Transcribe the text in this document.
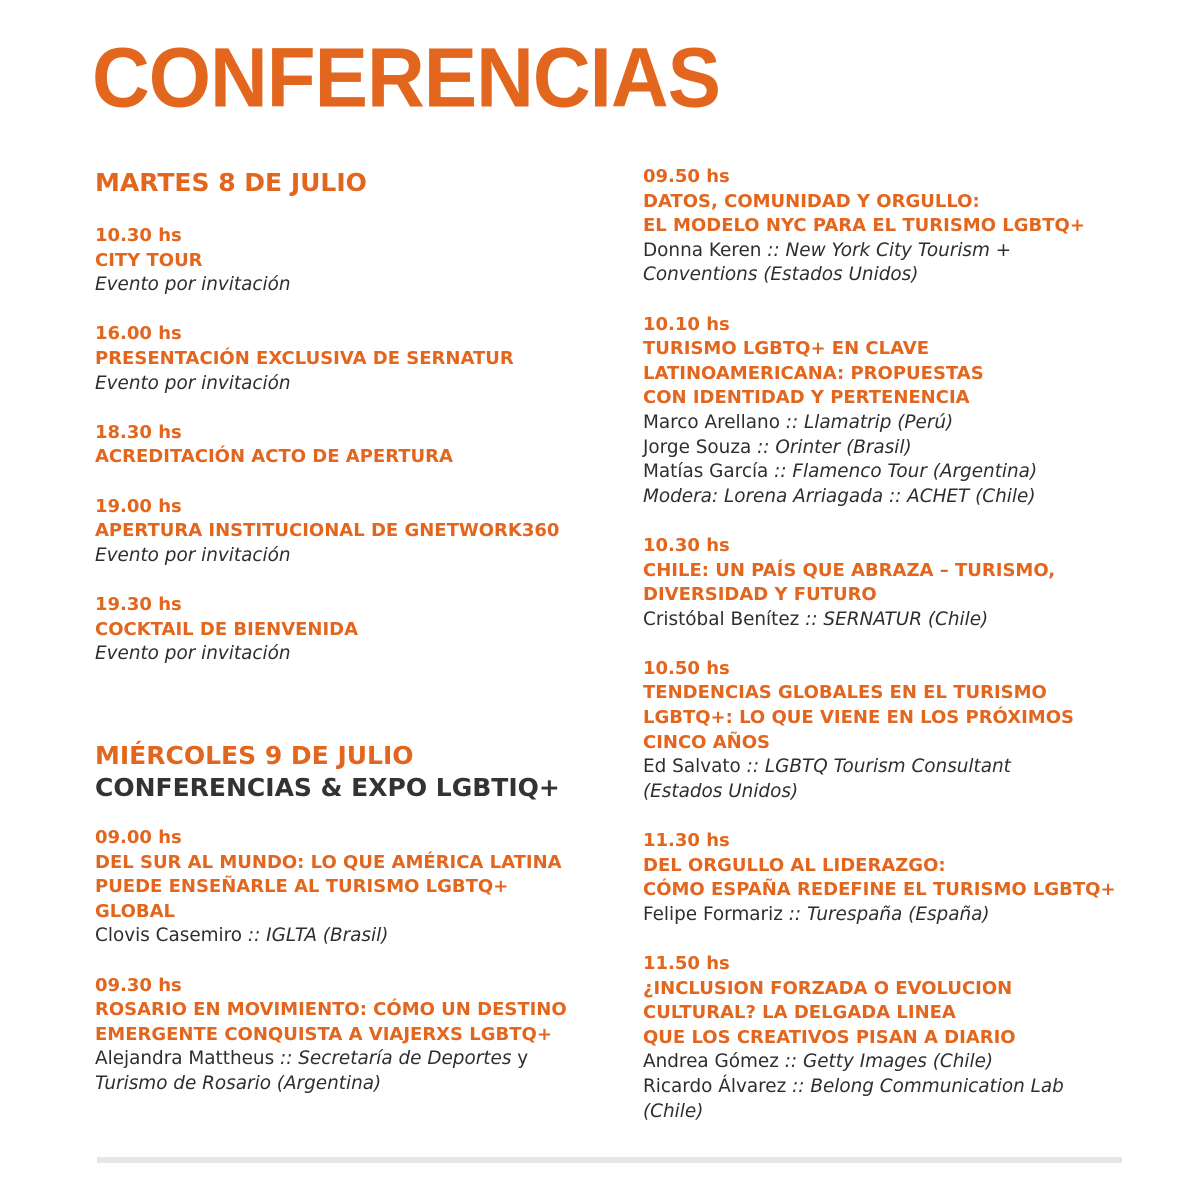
CONFERENCIAS
MARTES 8 DE JULIO
10.30 hs
CITY TOUR
Evento por invitación
16.00 hs
PRESENTACIÓN EXCLUSIVA DE SERNATUR
Evento por invitación
18.30 hs
ACREDITACIÓN ACTO DE APERTURA
19.00 hs
APERTURA INSTITUCIONAL DE GNETWORK360
Evento por invitación
19.30 hs
COCKTAIL DE BIENVENIDA
Evento por invitación
MIÉRCOLES 9 DE JULIO
CONFERENCIAS & EXPO LGBTIQ+
09.00 hs
DEL SUR AL MUNDO: LO QUE AMÉRICA LATINA
PUEDE ENSEÑARLE AL TURISMO LGBTQ+
GLOBAL
Clovis Casemiro :: IGLTA (Brasil)
09.30 hs
ROSARIO EN MOVIMIENTO: CÓMO UN DESTINO
EMERGENTE CONQUISTA A VIAJERXS LGBTQ+
Alejandra Mattheus :: Secretaría de Deportes y
Turismo de Rosario (Argentina)
09.50 hs
DATOS, COMUNIDAD Y ORGULLO:
EL MODELO NYC PARA EL TURISMO LGBTQ+
Donna Keren :: New York City Tourism +
Conventions (Estados Unidos)
10.10 hs
TURISMO LGBTQ+ EN CLAVE
LATINOAMERICANA: PROPUESTAS
CON IDENTIDAD Y PERTENENCIA
Marco Arellano :: Llamatrip (Perú)
Jorge Souza :: Orinter (Brasil)
Matías García :: Flamenco Tour (Argentina)
Modera: Lorena Arriagada :: ACHET (Chile)
10.30 hs
CHILE: UN PAÍS QUE ABRAZA – TURISMO,
DIVERSIDAD Y FUTURO
Cristóbal Benítez :: SERNATUR (Chile)
10.50 hs
TENDENCIAS GLOBALES EN EL TURISMO
LGBTQ+: LO QUE VIENE EN LOS PRÓXIMOS
CINCO AÑOS
Ed Salvato :: LGBTQ Tourism Consultant
(Estados Unidos)
11.30 hs
DEL ORGULLO AL LIDERAZGO:
CÓMO ESPAÑA REDEFINE EL TURISMO LGBTQ+
Felipe Formariz :: Turespaña (España)
11.50 hs
¿INCLUSION FORZADA O EVOLUCION
CULTURAL? LA DELGADA LINEA
QUE LOS CREATIVOS PISAN A DIARIO
Andrea Gómez :: Getty Images (Chile)
Ricardo Álvarez :: Belong Communication Lab
(Chile)
